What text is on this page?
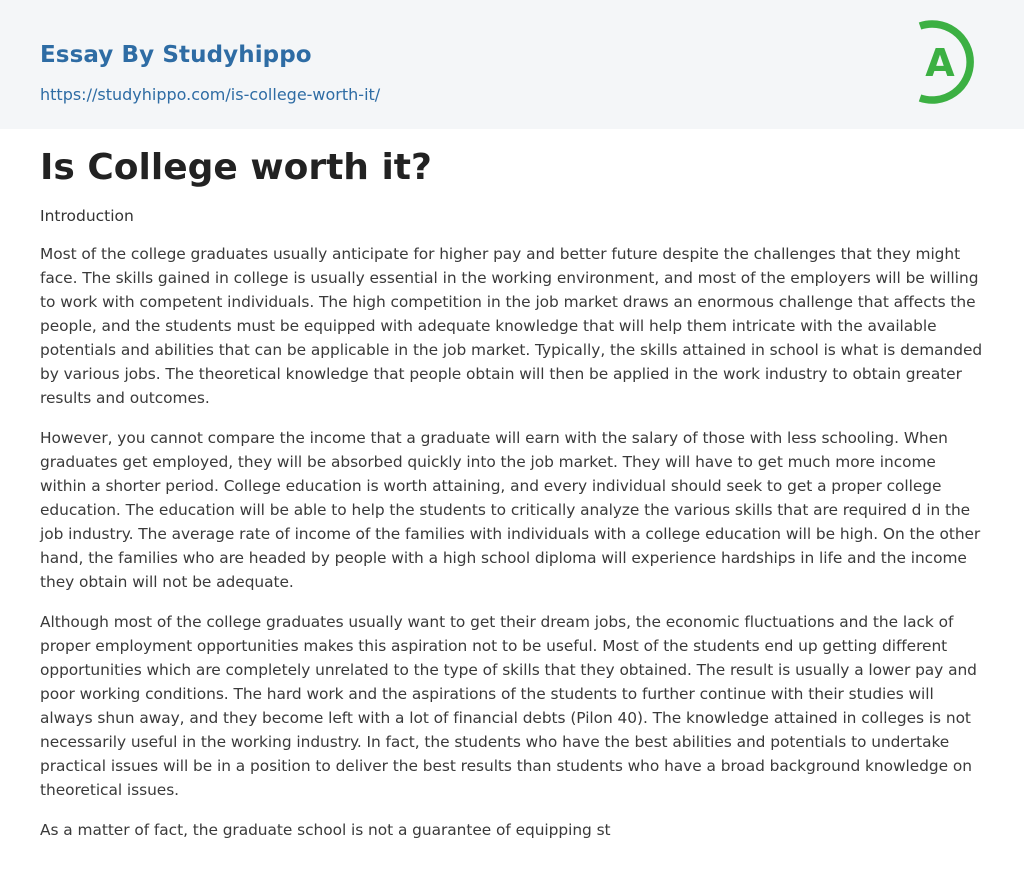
Essay By Studyhippo
https://studyhippo.com/is-college-worth-it/
A
Is College worth it?

Introduction

Most of the college graduates usually anticipate for higher pay and better future despite the challenges that they might face. The skills gained in college is usually essential in the working environment, and most of the employers will be willing to work with competent individuals. The high competition in the job market draws an enormous challenge that affects the people, and the students must be equipped with adequate knowledge that will help them intricate with the available potentials and abilities that can be applicable in the job market. Typically, the skills attained in school is what is demanded by various jobs. The theoretical knowledge that people obtain will then be applied in the work industry to obtain greater results and outcomes.

However, you cannot compare the income that a graduate will earn with the salary of those with less schooling. When graduates get employed, they will be absorbed quickly into the job market. They will have to get much more income within a shorter period. College education is worth attaining, and every individual should seek to get a proper college education. The education will be able to help the students to critically analyze the various skills that are required d in the job industry. The average rate of income of the families with individuals with a college education will be high. On the other hand, the families who are headed by people with a high school diploma will experience hardships in life and the income they obtain will not be adequate.

Although most of the college graduates usually want to get their dream jobs, the economic fluctuations and the lack of proper employment opportunities makes this aspiration not to be useful. Most of the students end up getting different opportunities which are completely unrelated to the type of skills that they obtained. The result is usually a lower pay and poor working conditions. The hard work and the aspirations of the students to further continue with their studies will always shun away, and they become left with a lot of financial debts (Pilon 40). The knowledge attained in colleges is not necessarily useful in the working industry. In fact, the students who have the best abilities and potentials to undertake practical issues will be in a position to deliver the best results than students who have a broad background knowledge on theoretical issues.

As a matter of fact, the graduate school is not a guarantee of equipping st
